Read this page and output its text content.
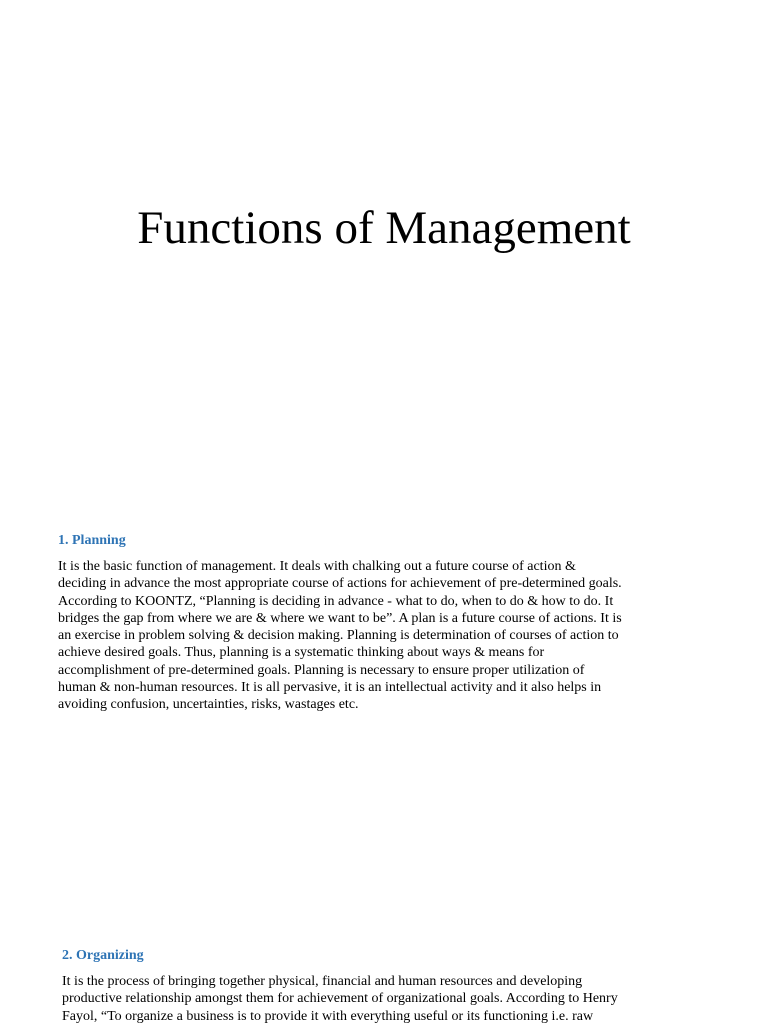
Functions of Management
1. Planning
It is the basic function of management. It deals with chalking out a future course of action &
deciding in advance the most appropriate course of actions for achievement of pre-determined goals.
According to KOONTZ, “Planning is deciding in advance - what to do, when to do & how to do. It
bridges the gap from where we are & where we want to be”. A plan is a future course of actions. It is
an exercise in problem solving & decision making. Planning is determination of courses of action to
achieve desired goals. Thus, planning is a systematic thinking about ways & means for
accomplishment of pre-determined goals. Planning is necessary to ensure proper utilization of
human & non-human resources. It is all pervasive, it is an intellectual activity and it also helps in
avoiding confusion, uncertainties, risks, wastages etc.
2. Organizing
It is the process of bringing together physical, financial and human resources and developing
productive relationship amongst them for achievement of organizational goals. According to Henry
Fayol, “To organize a business is to provide it with everything useful or its functioning i.e. raw
